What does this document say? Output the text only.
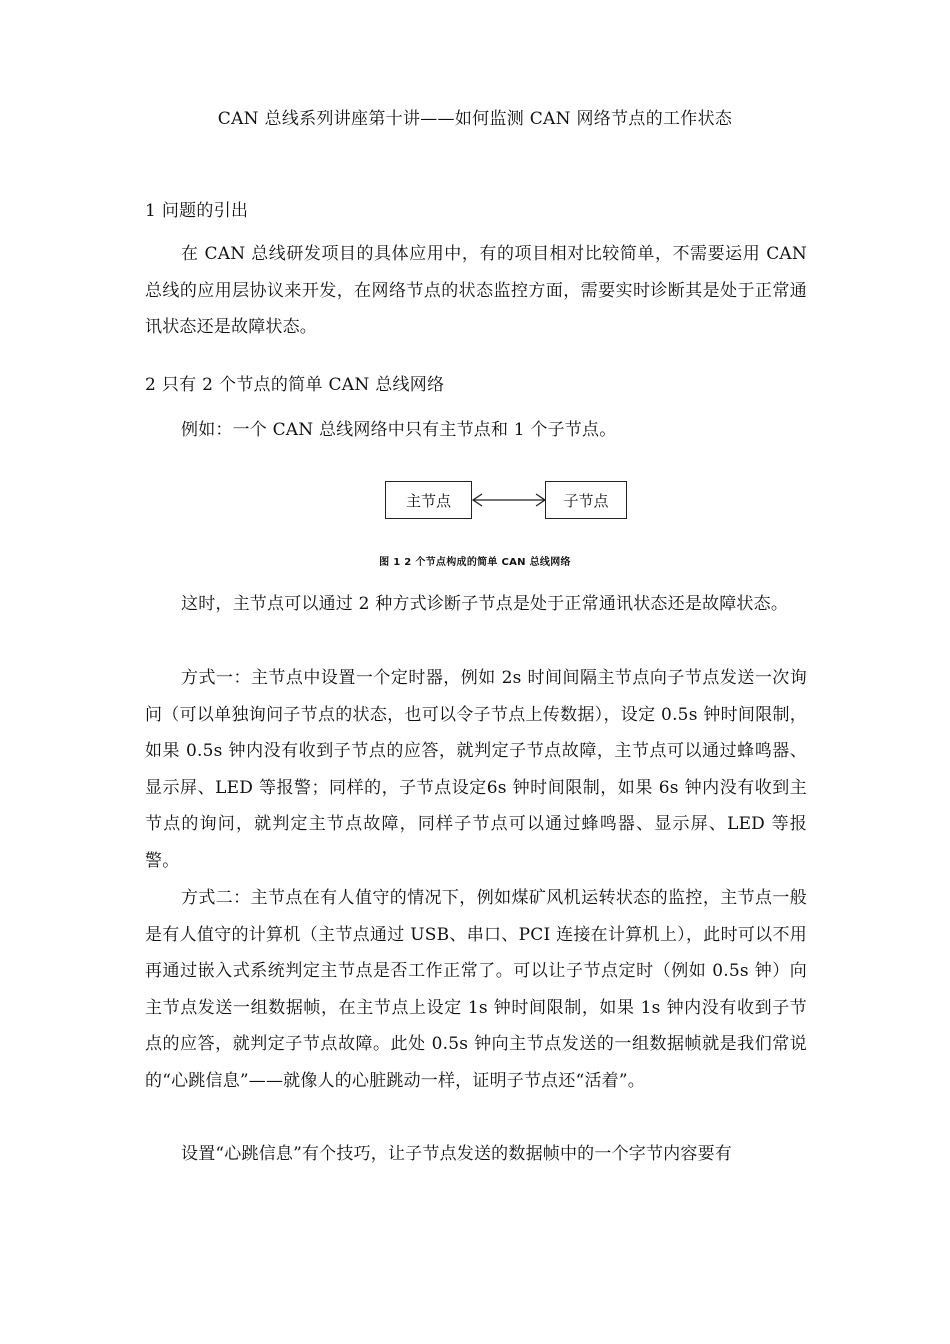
CAN 总线系列讲座第十讲——如何监测 CAN 网络节点的工作状态
1 问题的引出
在 CAN 总线研发项目的具体应用中，有的项目相对比较简单，不需要运用 CAN 总线的应用层协议来开发，在网络节点的状态监控方面，需要实时诊断其是处于正常通讯状态还是故障状态。
2 只有 2 个节点的简单 CAN 总线网络
例如：一个 CAN 总线网络中只有主节点和 1 个子节点。
主节点	子节点
图 1 2 个节点构成的简单 CAN 总线网络
这时，主节点可以通过 2 种方式诊断子节点是处于正常通讯状态还是故障状态。
方式一：主节点中设置一个定时器，例如 2s 时间间隔主节点向子节点发送一次询问（可以单独询问子节点的状态，也可以令子节点上传数据），设定 0.5s 钟时间限制，如果 0.5s 钟内没有收到子节点的应答，就判定子节点故障，主节点可以通过蜂鸣器、显示屏、LED 等报警；同样的，子节点设定6s 钟时间限制，如果 6s 钟内没有收到主节点的询问，就判定主节点故障，同样子节点可以通过蜂鸣器、显示屏、LED 等报警。
方式二：主节点在有人值守的情况下，例如煤矿风机运转状态的监控，主节点一般是有人值守的计算机（主节点通过 USB、串口、PCI 连接在计算机上），此时可以不用再通过嵌入式系统判定主节点是否工作正常了。可以让子节点定时（例如 0.5s 钟）向主节点发送一组数据帧，在主节点上设定 1s 钟时间限制，如果 1s 钟内没有收到子节点的应答，就判定子节点故障。此处 0.5s 钟向主节点发送的一组数据帧就是我们常说的“心跳信息”——就像人的心脏跳动一样，证明子节点还“活着”。
设置“心跳信息”有个技巧，让子节点发送的数据帧中的一个字节内容要有
